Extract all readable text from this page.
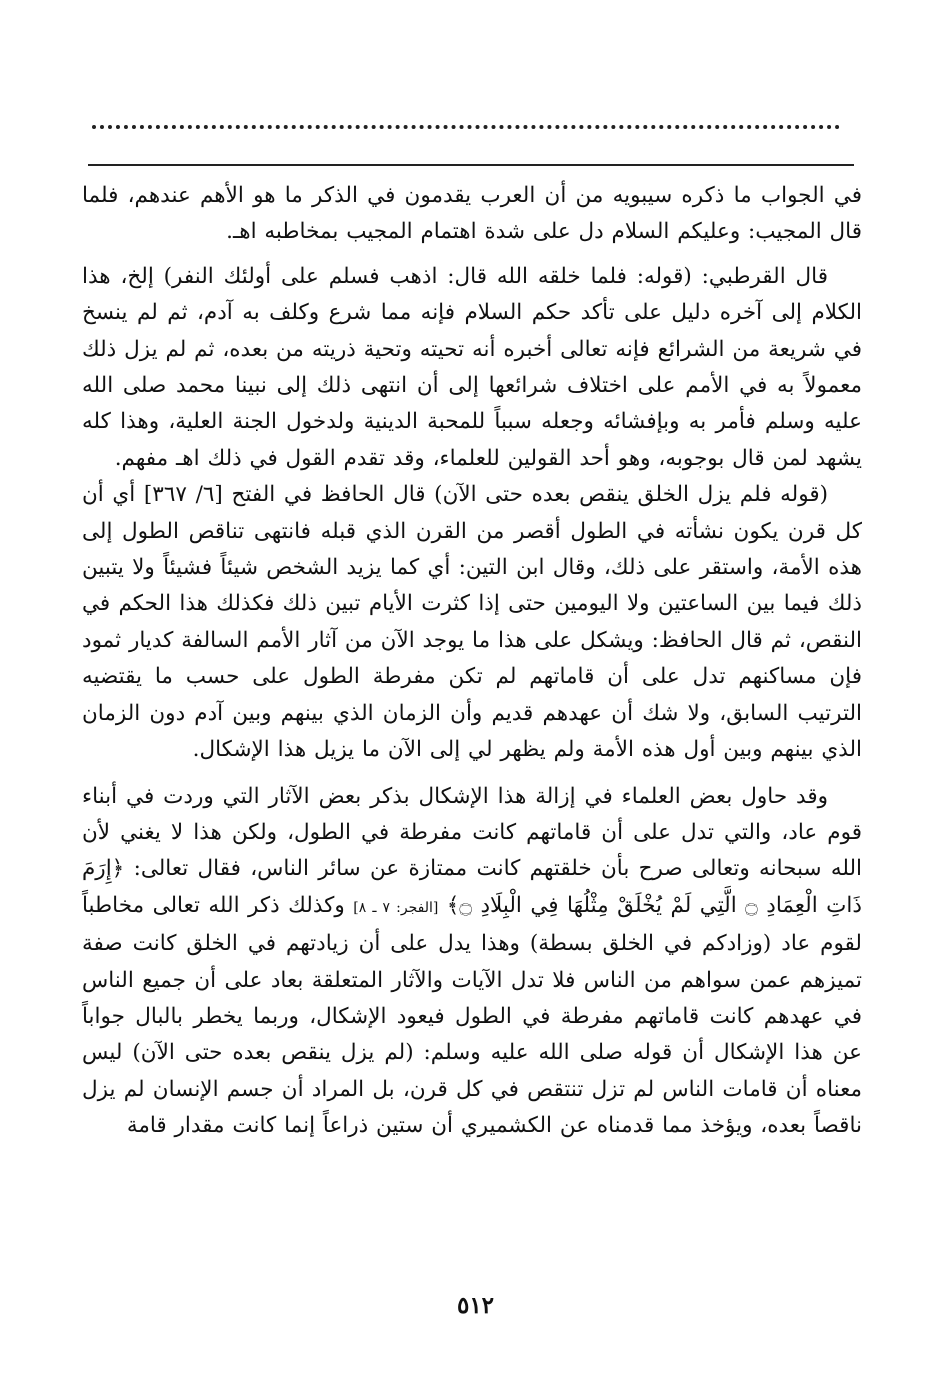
في الجواب ما ذكره سيبويه من أن العرب يقدمون في الذكر ما هو الأهم عندهم، فلما قال المجيب: وعليكم السلام دل على شدة اهتمام المجيب بمخاطبه اهـ.

قال القرطبي: (قوله: فلما خلقه الله قال: اذهب فسلم على أولئك النفر) إلخ، هذا الكلام إلى آخره دليل على تأكد حكم السلام فإنه مما شرع وكلف به آدم، ثم لم ينسخ في شريعة من الشرائع فإنه تعالى أخبره أنه تحيته وتحية ذريته من بعده، ثم لم يزل ذلك معمولاً به في الأمم على اختلاف شرائعها إلى أن انتهى ذلك إلى نبينا محمد صلى الله عليه وسلم فأمر به وبإفشائه وجعله سبباً للمحبة الدينية ولدخول الجنة العلية، وهذا كله يشهد لمن قال بوجوبه، وهو أحد القولين للعلماء، وقد تقدم القول في ذلك اهـ مفهم.

(قوله فلم يزل الخلق ينقص بعده حتى الآن) قال الحافظ في الفتح [٦/ ٣٦٧] أي أن كل قرن يكون نشأته في الطول أقصر من القرن الذي قبله فانتهى تناقص الطول إلى هذه الأمة، واستقر على ذلك، وقال ابن التين: أي كما يزيد الشخص شيئاً فشيئاً ولا يتبين ذلك فيما بين الساعتين ولا اليومين حتى إذا كثرت الأيام تبين ذلك فكذلك هذا الحكم في النقص، ثم قال الحافظ: ويشكل على هذا ما يوجد الآن من آثار الأمم السالفة كديار ثمود فإن مساكنهم تدل على أن قاماتهم لم تكن مفرطة الطول على حسب ما يقتضيه الترتيب السابق، ولا شك أن عهدهم قديم وأن الزمان الذي بينهم وبين آدم دون الزمان الذي بينهم وبين أول هذه الأمة ولم يظهر لي إلى الآن ما يزيل هذا الإشكال.

وقد حاول بعض العلماء في إزالة هذا الإشكال بذكر بعض الآثار التي وردت في أبناء قوم عاد، والتي تدل على أن قاماتهم كانت مفرطة في الطول، ولكن هذا لا يغني لأن الله سبحانه وتعالى صرح بأن خلقتهم كانت ممتازة عن سائر الناس، فقال تعالى: ﴿إِرَمَ ذَاتِ الْعِمَادِ ۝ الَّتِي لَمْ يُخْلَقْ مِثْلُهَا فِي الْبِلَادِ ۝﴾ [الفجر: ٧ ـ ٨] وكذلك ذكر الله تعالى مخاطباً لقوم عاد (وزادكم في الخلق بسطة) وهذا يدل على أن زيادتهم في الخلق كانت صفة تميزهم عمن سواهم من الناس فلا تدل الآيات والآثار المتعلقة بعاد على أن جميع الناس في عهدهم كانت قاماتهم مفرطة في الطول فيعود الإشكال، وربما يخطر بالبال جواباً عن هذا الإشكال أن قوله صلى الله عليه وسلم: (لم يزل ينقص بعده حتى الآن) ليس معناه أن قامات الناس لم تزل تنتقص في كل قرن، بل المراد أن جسم الإنسان لم يزل ناقصاً بعده، ويؤخذ مما قدمناه عن الكشميري أن ستين ذراعاً إنما كانت مقدار قامة

٥١٢
